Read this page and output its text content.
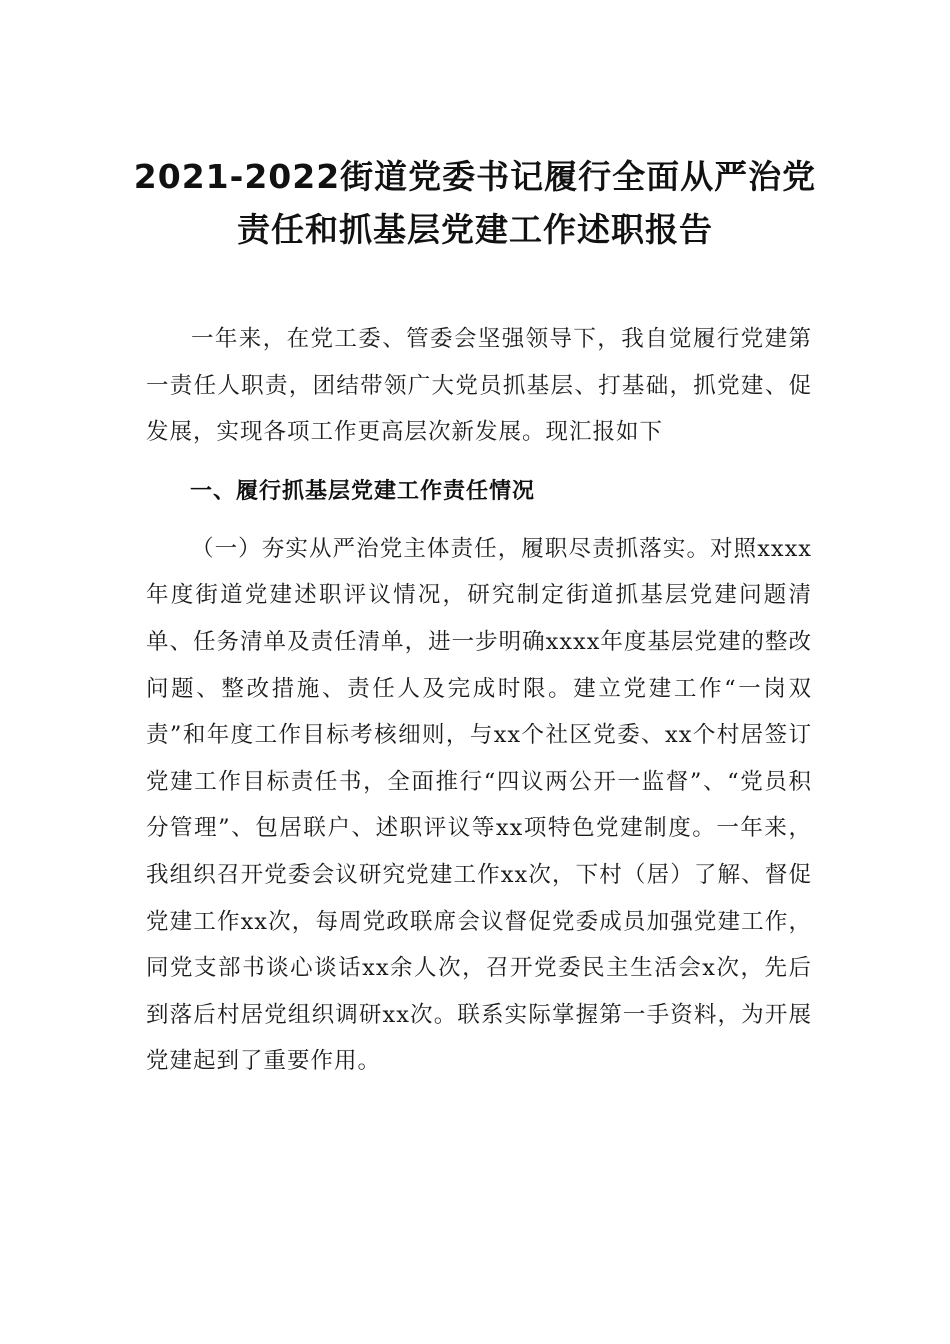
2021-2022街道党委书记履行全面从严治党
责任和抓基层党建工作述职报告

一年来，在党工委、管委会坚强领导下，我自觉履行党建第一责任人职责，团结带领广大党员抓基层、打基础，抓党建、促发展，实现各项工作更高层次新发展。现汇报如下

一、履行抓基层党建工作责任情况

（一）夯实从严治党主体责任，履职尽责抓落实。对照xxxx年度街道党建述职评议情况，研究制定街道抓基层党建问题清单、任务清单及责任清单，进一步明确xxxx年度基层党建的整改问题、整改措施、责任人及完成时限。建立党建工作“一岗双责”和年度工作目标考核细则，与xx个社区党委、xx个村居签订党建工作目标责任书，全面推行“四议两公开一监督”、“党员积分管理”、包居联户、述职评议等xx项特色党建制度。一年来，我组织召开党委会议研究党建工作xx次，下村（居）了解、督促党建工作xx次，每周党政联席会议督促党委成员加强党建工作，同党支部书谈心谈话xx余人次，召开党委民主生活会x次，先后到落后村居党组织调研xx次。联系实际掌握第一手资料，为开展党建起到了重要作用。
